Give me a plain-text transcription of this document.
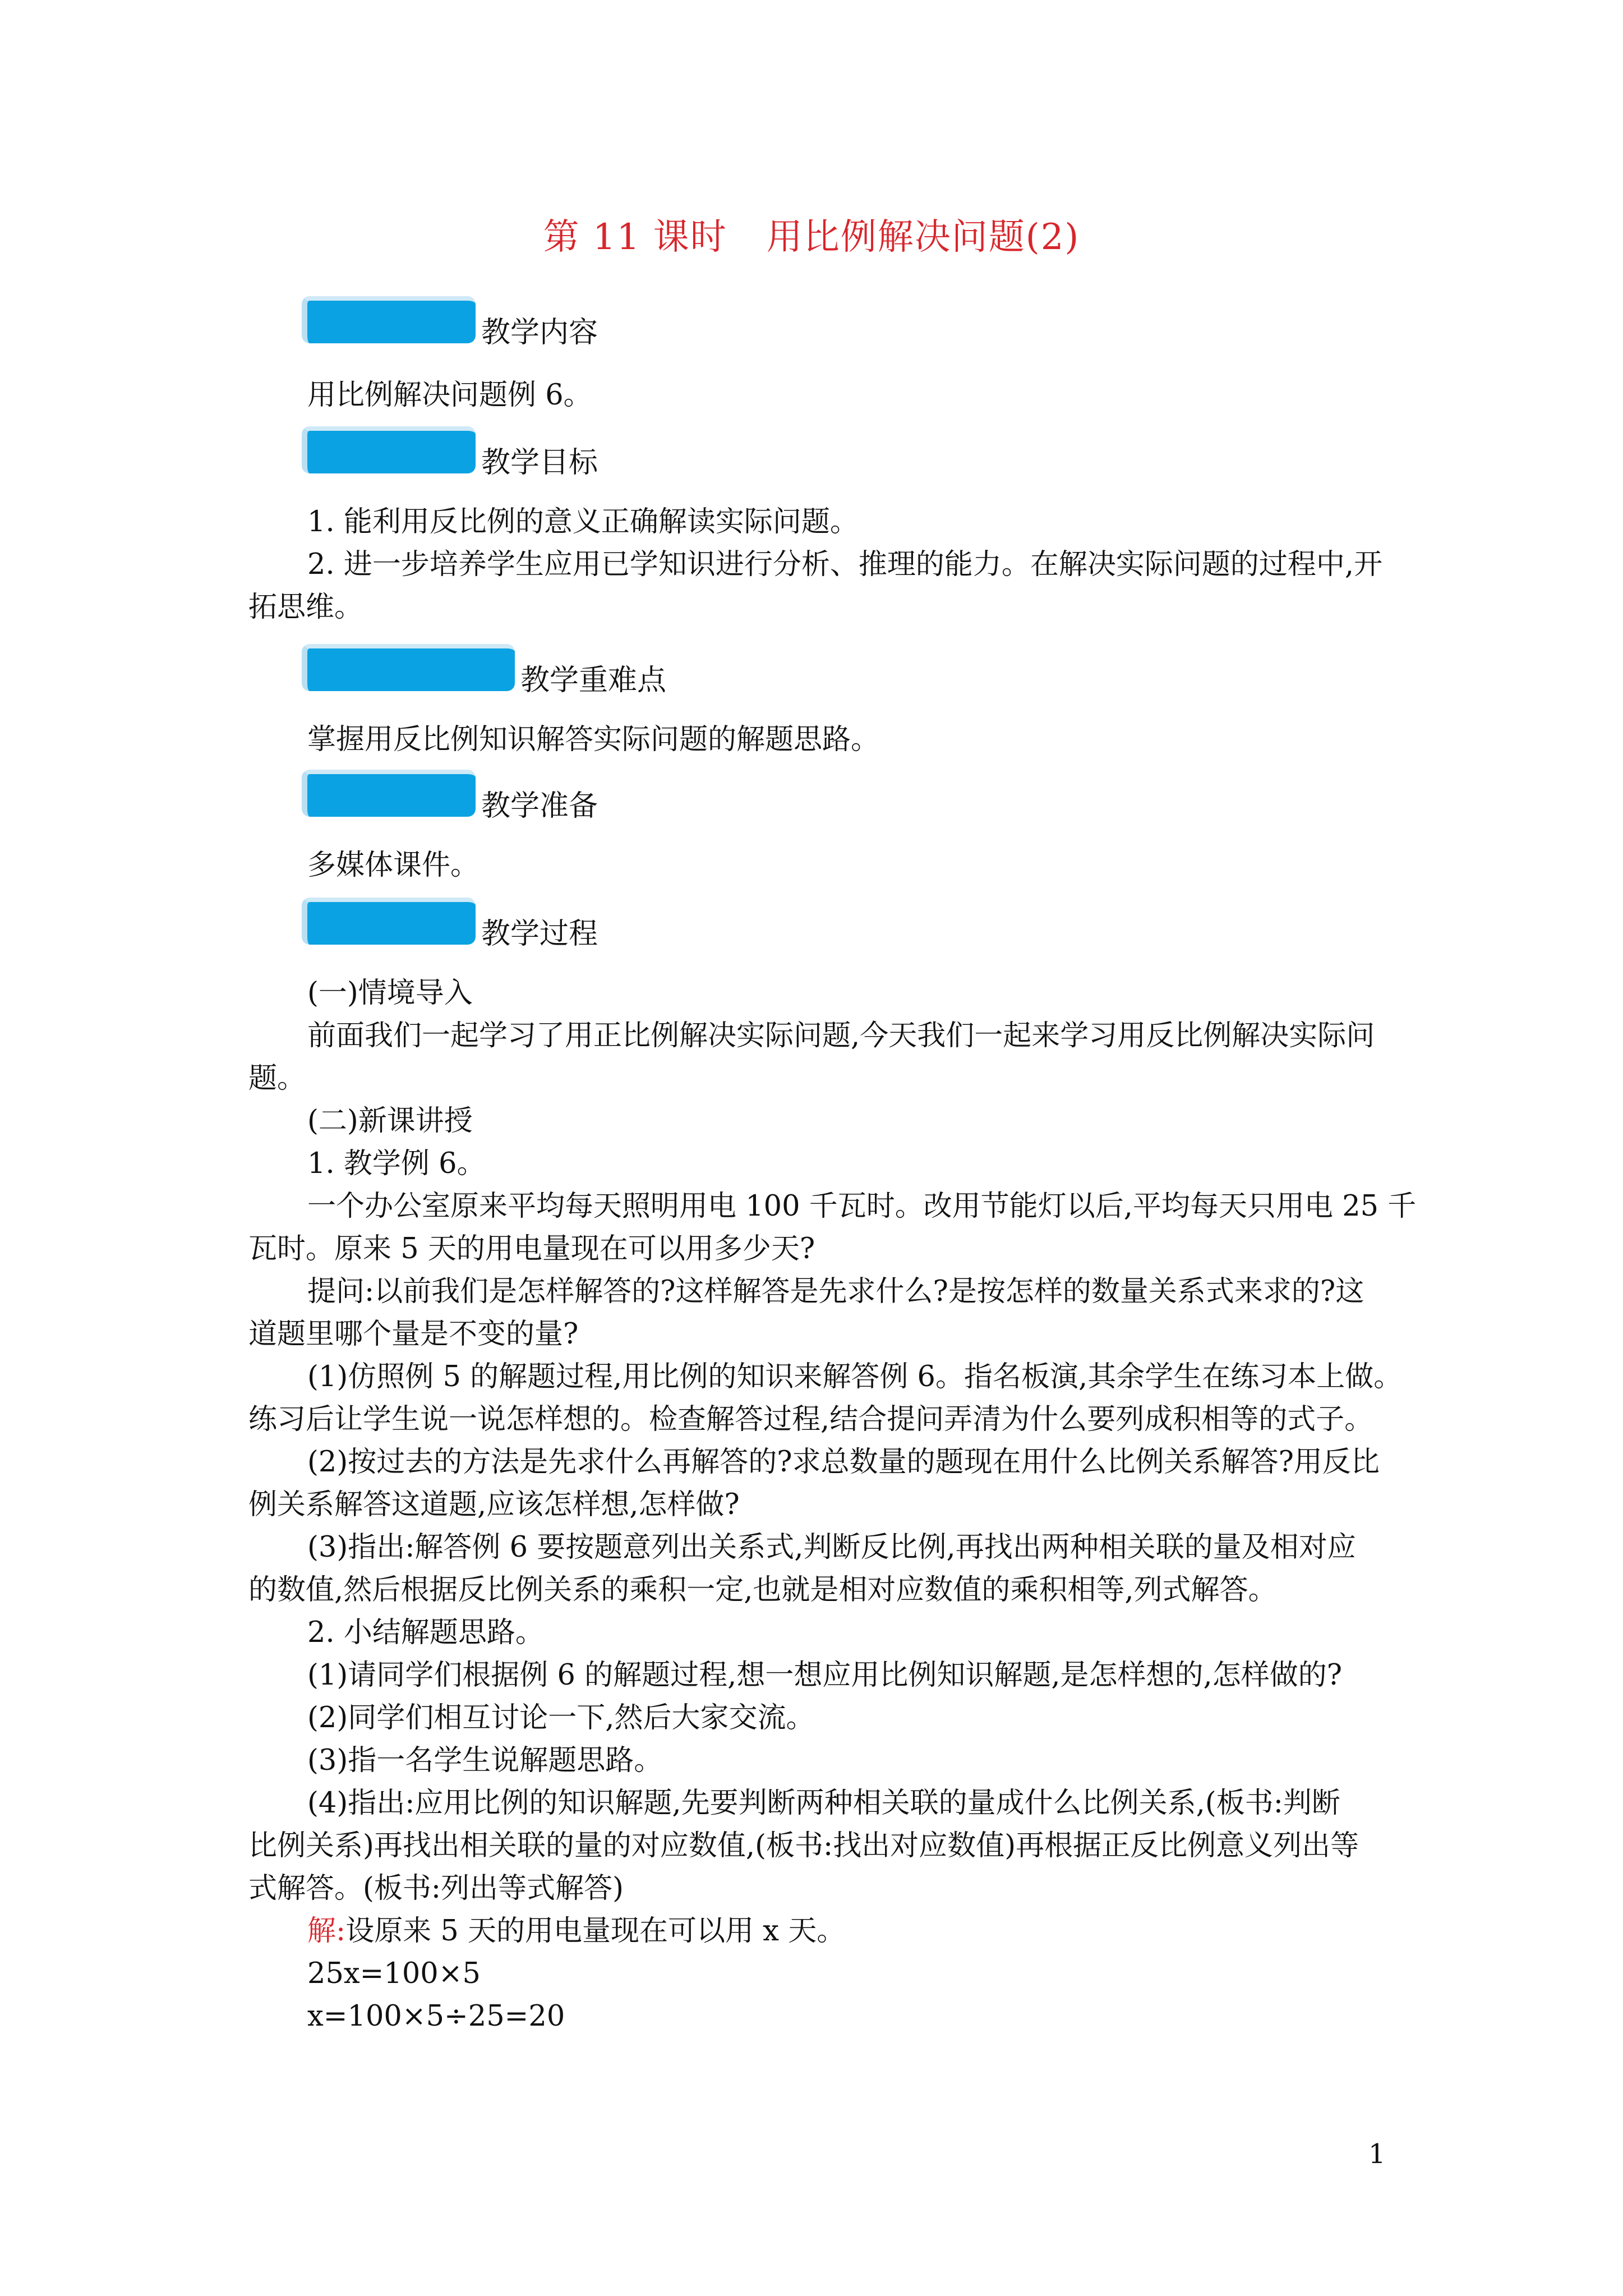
第 11 课时 用比例解决问题(2)
教学内容
用比例解决问题例 6。
教学目标
1. 能利用反比例的意义正确解读实际问题。
2. 进一步培养学生应用已学知识进行分析、推理的能力。在解决实际问题的过程中,开
拓思维。
教学重难点
掌握用反比例知识解答实际问题的解题思路。
教学准备
多媒体课件。
教学过程
(一)情境导入
前面我们一起学习了用正比例解决实际问题,今天我们一起来学习用反比例解决实际问
题。
(二)新课讲授
1. 教学例 6。
一个办公室原来平均每天照明用电 100 千瓦时。改用节能灯以后,平均每天只用电 25 千
瓦时。原来 5 天的用电量现在可以用多少天?
提问:以前我们是怎样解答的?这样解答是先求什么?是按怎样的数量关系式来求的?这
道题里哪个量是不变的量?
(1)仿照例 5 的解题过程,用比例的知识来解答例 6。指名板演,其余学生在练习本上做。
练习后让学生说一说怎样想的。检查解答过程,结合提问弄清为什么要列成积相等的式子。
(2)按过去的方法是先求什么再解答的?求总数量的题现在用什么比例关系解答?用反比
例关系解答这道题,应该怎样想,怎样做?
(3)指出:解答例 6 要按题意列出关系式,判断反比例,再找出两种相关联的量及相对应
的数值,然后根据反比例关系的乘积一定,也就是相对应数值的乘积相等,列式解答。
2. 小结解题思路。
(1)请同学们根据例 6 的解题过程,想一想应用比例知识解题,是怎样想的,怎样做的?
(2)同学们相互讨论一下,然后大家交流。
(3)指一名学生说解题思路。
(4)指出:应用比例的知识解题,先要判断两种相关联的量成什么比例关系,(板书:判断
比例关系)再找出相关联的量的对应数值,(板书:找出对应数值)再根据正反比例意义列出等
式解答。(板书:列出等式解答)
解:设原来 5 天的用电量现在可以用 x 天。
25x=100×5
x=100×5÷25=20
1
